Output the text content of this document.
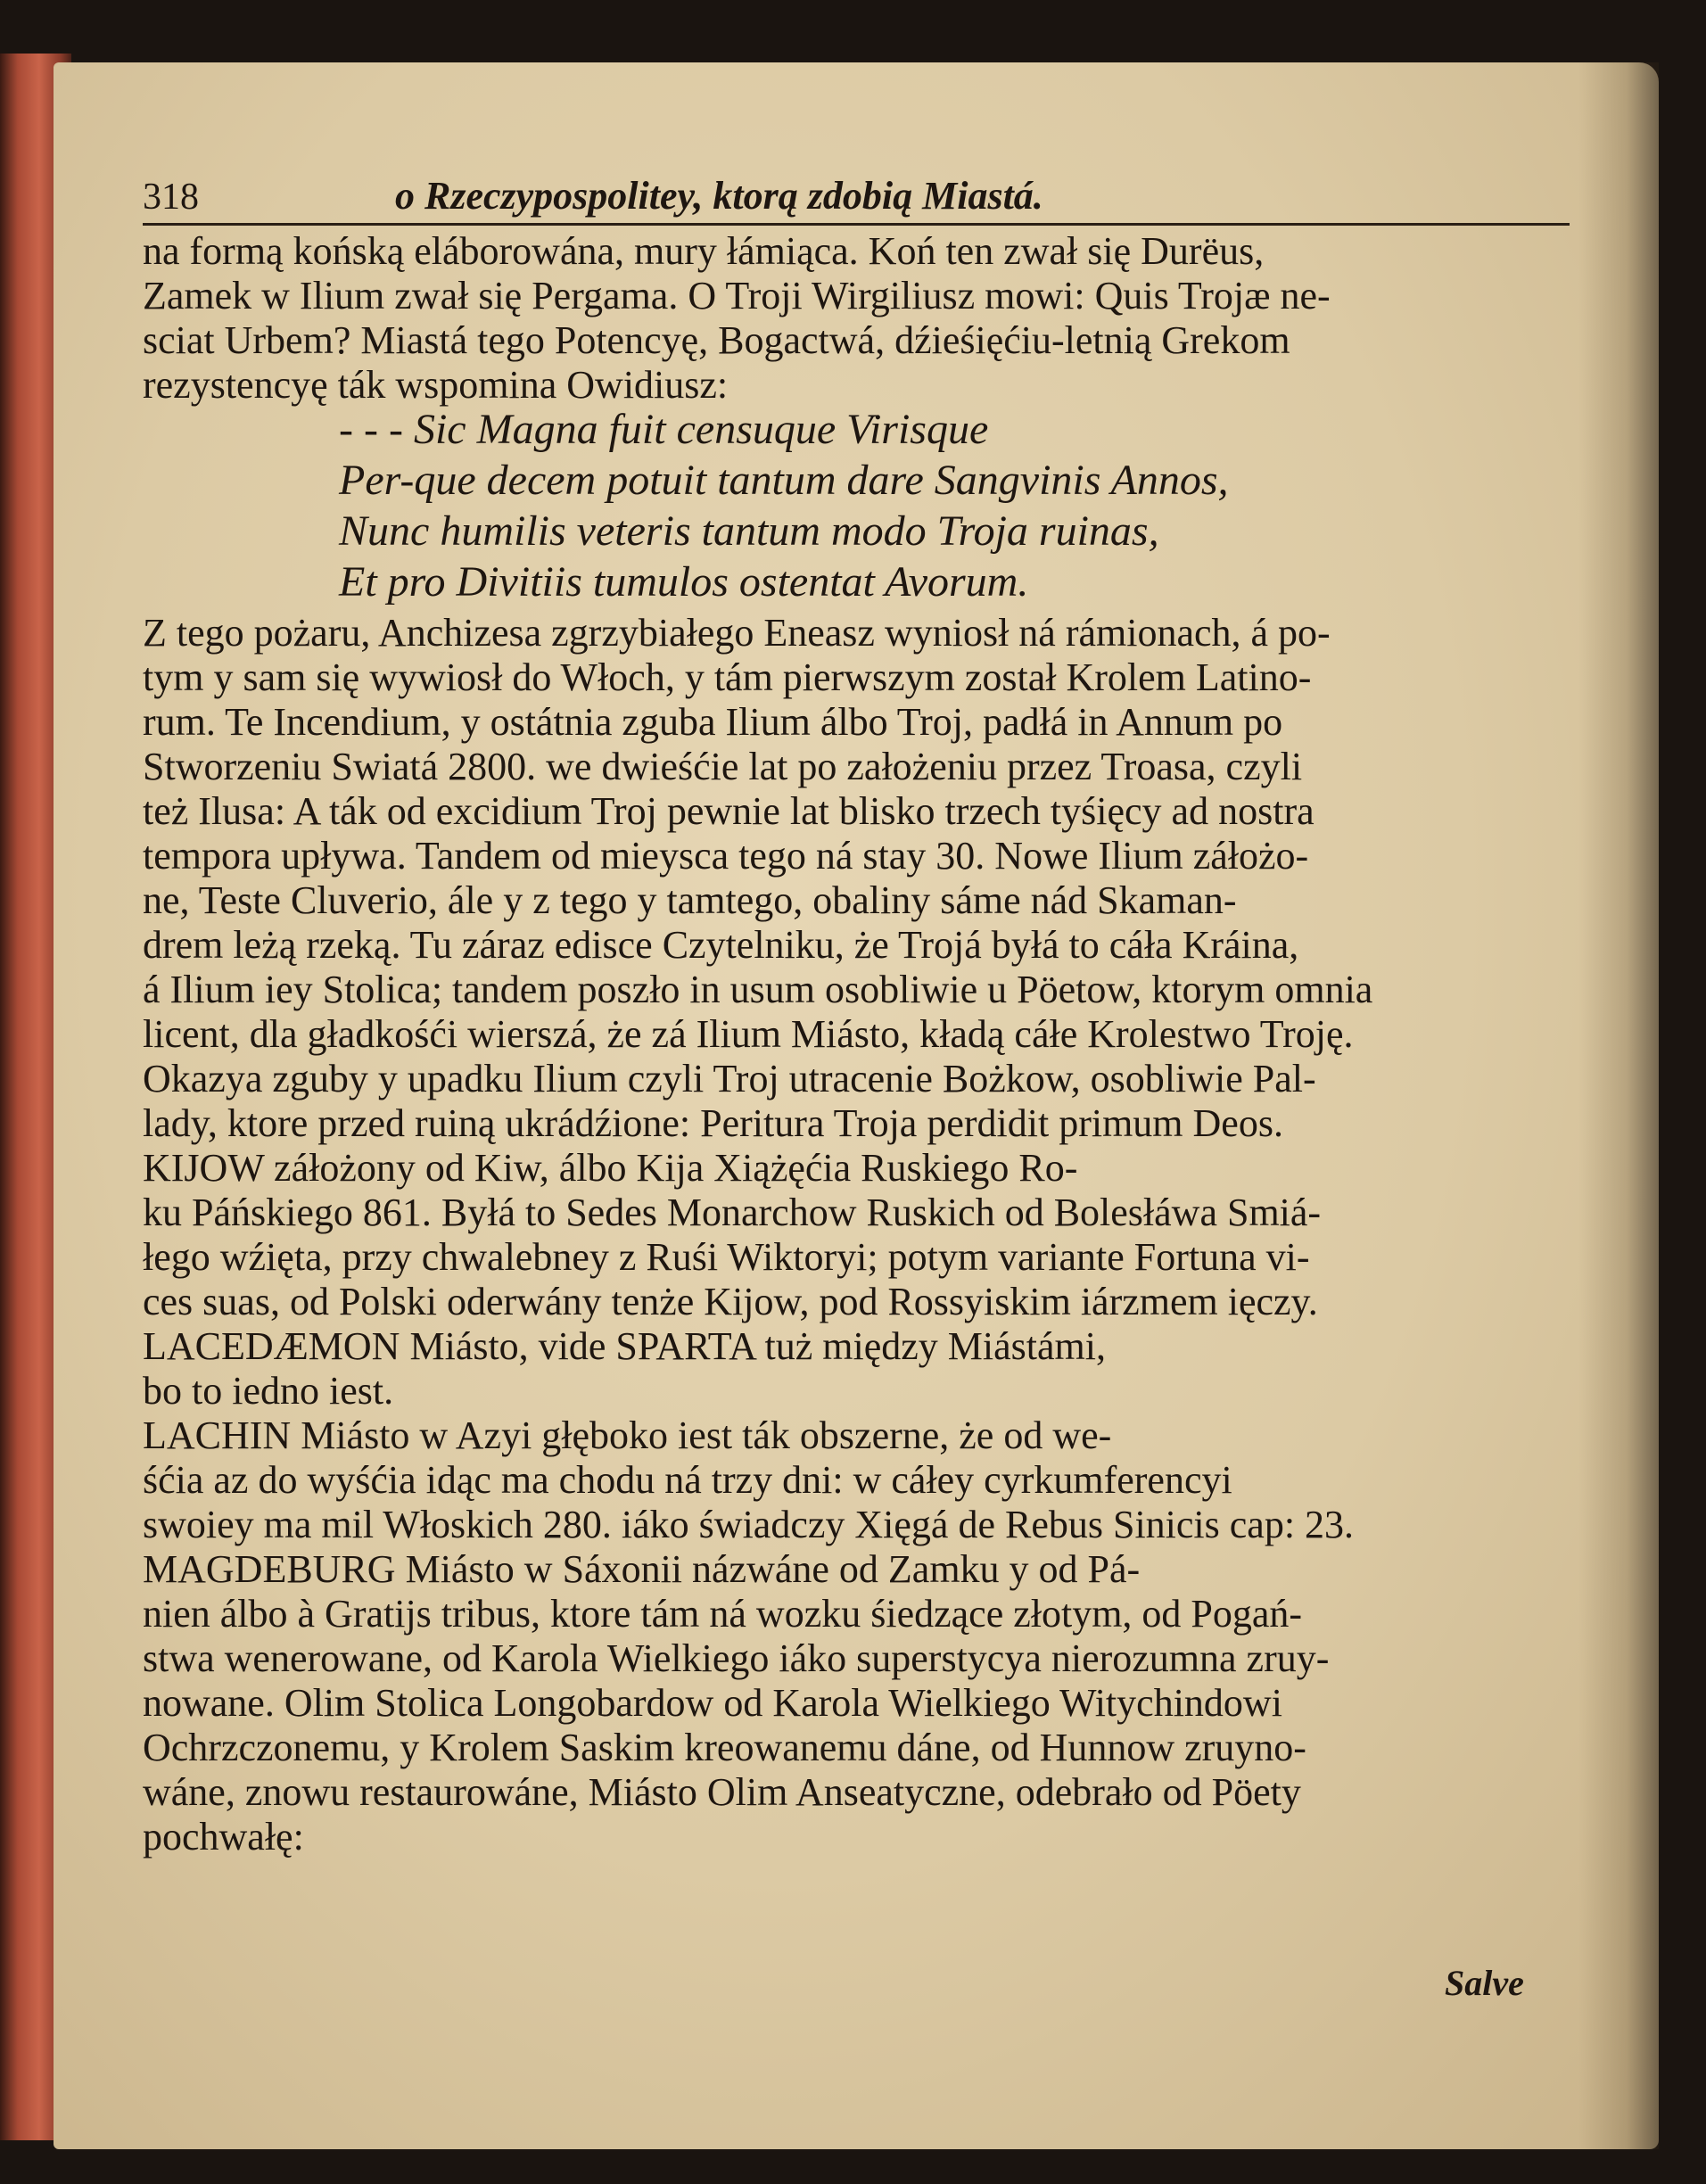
318	o Rzeczypospolitey, ktorą zdobią Miastá.
na formą końską eláborowána, mury łámiąca. Koń ten zwał się Durëus,
Zamek w Ilium zwał się Pergama. O Troji Wirgiliusz mowi: Quis Trojæ ne-
sciat Urbem? Miastá tego Potencyę, Bogactwá, dźieśięćiu-letnią Grekom
rezystencyę ták wspomina Owidiusz:
- - - Sic Magna fuit censuque Virisque
Per-que decem potuit tantum dare Sangvinis Annos,
Nunc humilis veteris tantum modo Troja ruinas,
Et pro Divitiis tumulos ostentat Avorum.
Z tego pożaru, Anchizesa zgrzybiałego Eneasz wyniosł ná rámionach, á po-
tym y sam się wywiosł do Włoch, y tám pierwszym został Krolem Latino-
rum. Te Incendium, y ostátnia zguba Ilium álbo Troj, padłá in Annum po
Stworzeniu Swiatá 2800. we dwieśćie lat po założeniu przez Troasa, czyli
też Ilusa: A ták od excidium Troj pewnie lat blisko trzech tyśięcy ad nostra
tempora upływa. Tandem od mieysca tego ná stay 30. Nowe Ilium záłożo-
ne, Teste Cluverio, ále y z tego y tamtego, obaliny sáme nád Skaman-
drem leżą rzeką. Tu záraz edisce Czytelniku, że Trojá byłá to cáła Kráina,
á Ilium iey Stolica; tandem poszło in usum osobliwie u Pöetow, ktorym omnia
licent, dla gładkośći wierszá, że zá Ilium Miásto, kładą cáłe Krolestwo Troję.
Okazya zguby y upadku Ilium czyli Troj utracenie Bożkow, osobliwie Pal-
lady, ktore przed ruiną ukrádźione: Peritura Troja perdidit primum Deos.
KIJOW záłożony od Kiw, álbo Kija Xiążęćia Ruskiego Ro-
ku Páńskiego 861. Byłá to Sedes Monarchow Ruskich od Bolesłáwa Smiá-
łego wźięta, przy chwalebney z Ruśi Wiktoryi; potym variante Fortuna vi-
ces suas, od Polski oderwány tenże Kijow, pod Rossyiskim iárzmem ięczy.
LACEDÆMON Miásto, vide SPARTA tuż między Miástámi,
bo to iedno iest.
LACHIN Miásto w Azyi głęboko iest ták obszerne, że od we-
śćia az do wyśćia idąc ma chodu ná trzy dni: w cáłey cyrkumferencyi
swoiey ma mil Włoskich 280. iáko świadczy Xięgá de Rebus Sinicis cap: 23.
MAGDEBURG Miásto w Sáxonii názwáne od Zamku y od Pá-
nien álbo à Gratijs tribus, ktore tám ná wozku śiedzące złotym, od Pogań-
stwa wenerowane, od Karola Wielkiego iáko superstycya nierozumna zruy-
nowane. Olim Stolica Longobardow od Karola Wielkiego Witychindowi
Ochrzczonemu, y Krolem Saskim kreowanemu dáne, od Hunnow zruyno-
wáne, znowu restaurowáne, Miásto Olim Anseatyczne, odebrało od Pöety
pochwałę:
Salve
